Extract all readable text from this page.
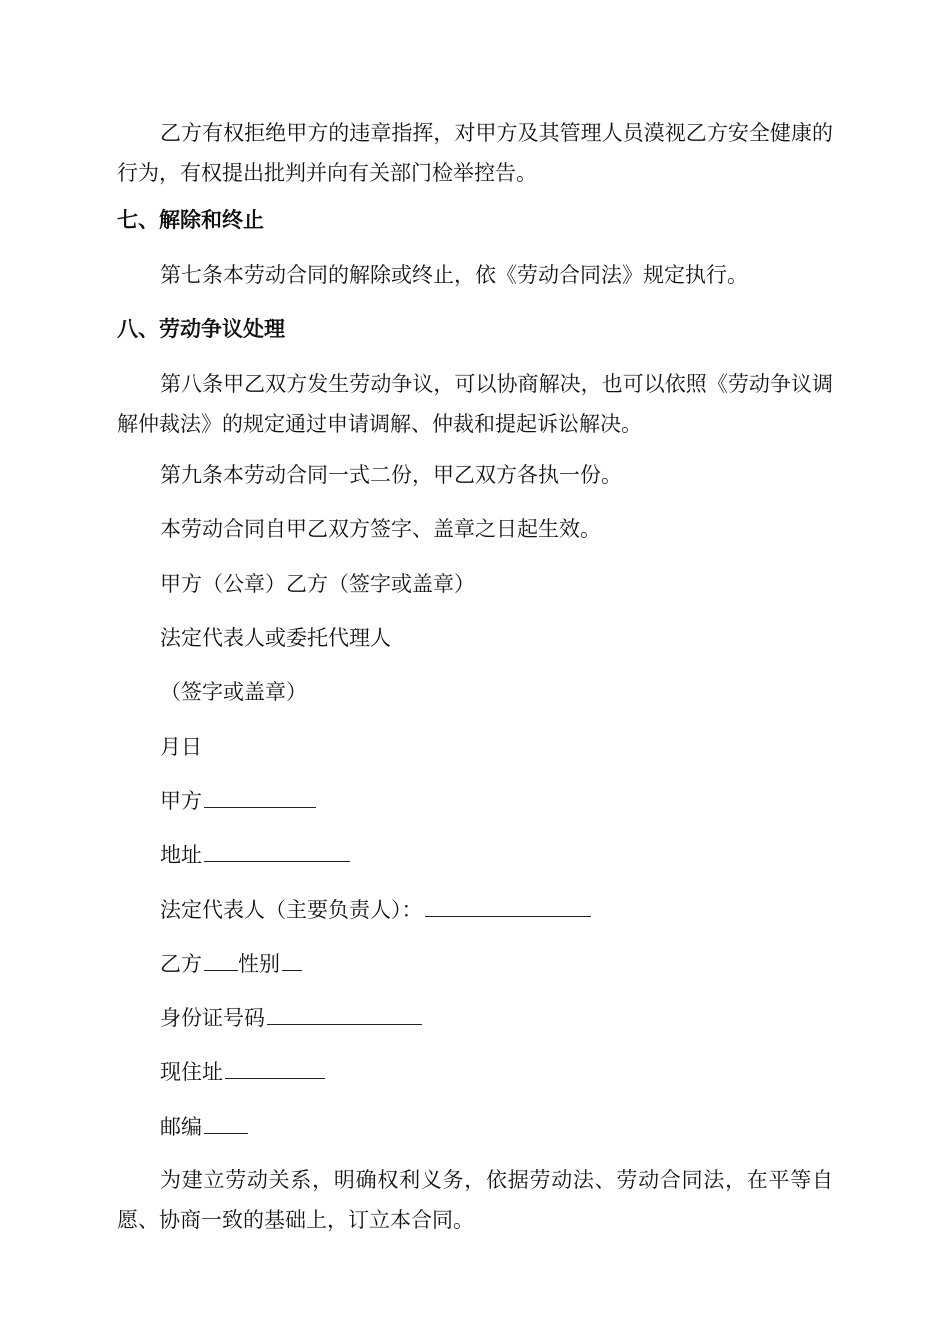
乙方有权拒绝甲方的违章指挥，对甲方及其管理人员漠视乙方安全健康的行为，有权提出批判并向有关部门检举控告。

七、解除和终止

第七条本劳动合同的解除或终止，依《劳动合同法》规定执行。

八、劳动争议处理

第八条甲乙双方发生劳动争议，可以协商解决，也可以依照《劳动争议调解仲裁法》的规定通过申请调解、仲裁和提起诉讼解决。

第九条本劳动合同一式二份，甲乙双方各执一份。

本劳动合同自甲乙双方签字、盖章之日起生效。

甲方（公章）乙方（签字或盖章）

法定代表人或委托代理人

（签字或盖章）

月日

甲方
地址
法定代表人（主要负责人）：
乙方 性别
身份证号码
现住址
邮编

为建立劳动关系，明确权利义务，依据劳动法、劳动合同法，在平等自愿、协商一致的基础上，订立本合同。
